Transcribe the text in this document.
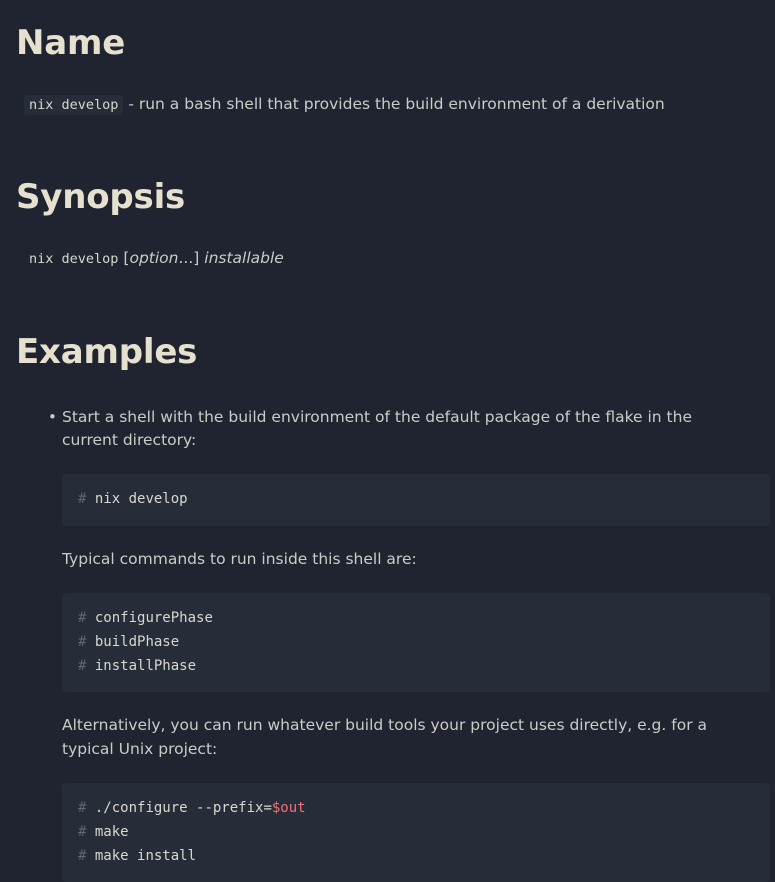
Name
nix develop - run a bash shell that provides the build environment of a derivation
Synopsis
nix develop [option...] installable
Examples
• Start a shell with the build environment of the default package of the flake in the current directory:
# nix develop
Typical commands to run inside this shell are:
# configurePhase
# buildPhase
# installPhase
Alternatively, you can run whatever build tools your project uses directly, e.g. for a typical Unix project:
# ./configure --prefix=$out
# make
# make install
